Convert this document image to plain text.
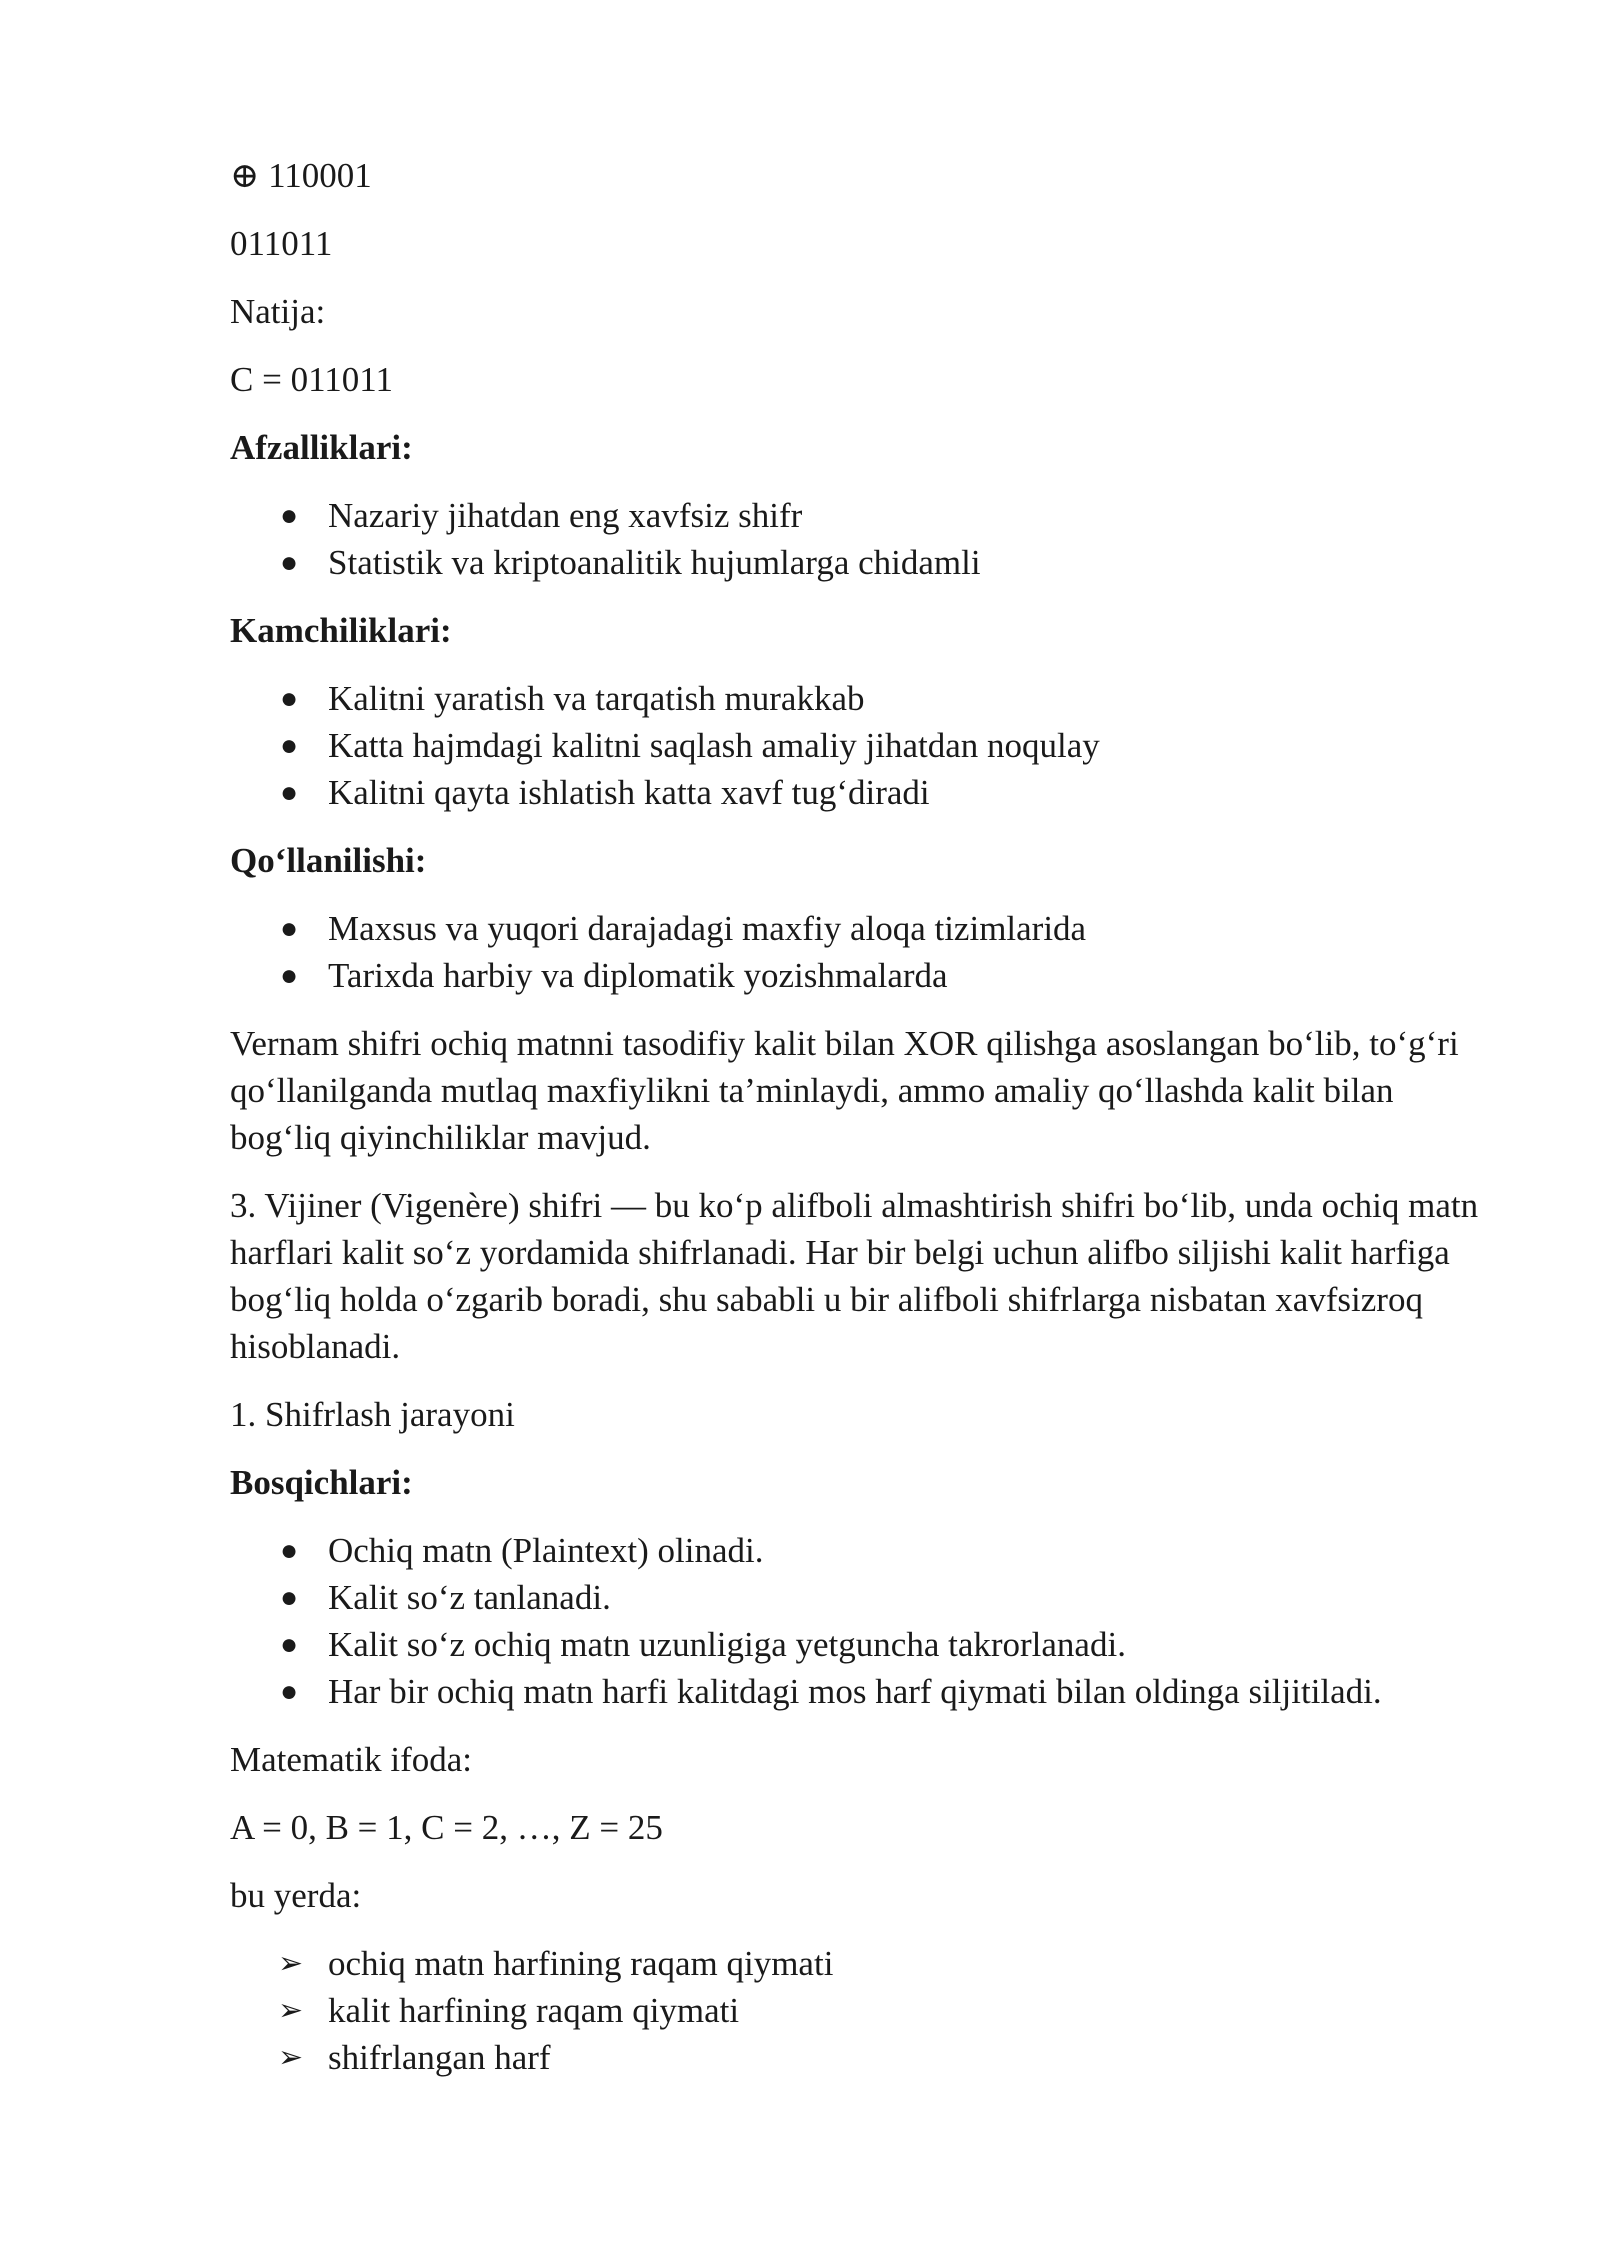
⊕ 110001

011011

Natija:

C = 011011

Afzalliklari:

● Nazariy jihatdan eng xavfsiz shifr
● Statistik va kriptoanalitik hujumlarga chidamli

Kamchiliklari:

● Kalitni yaratish va tarqatish murakkab
● Katta hajmdagi kalitni saqlash amaliy jihatdan noqulay
● Kalitni qayta ishlatish katta xavf tug‘diradi

Qo‘llanilishi:

● Maxsus va yuqori darajadagi maxfiy aloqa tizimlarida
● Tarixda harbiy va diplomatik yozishmalarda

Vernam shifri ochiq matnni tasodifiy kalit bilan XOR qilishga asoslangan bo‘lib, to‘g‘ri qo‘llanilganda mutlaq maxfiylikni ta’minlaydi, ammo amaliy qo‘llashda kalit bilan bog‘liq qiyinchiliklar mavjud.

3. Vijiner (Vigenère) shifri — bu ko‘p alifboli almashtirish shifri bo‘lib, unda ochiq matn harflari kalit so‘z yordamida shifrlanadi. Har bir belgi uchun alifbo siljishi kalit harfiga bog‘liq holda o‘zgarib boradi, shu sababli u bir alifboli shifrlarga nisbatan xavfsizroq hisoblanadi.

1. Shifrlash jarayoni

Bosqichlari:

● Ochiq matn (Plaintext) olinadi.
● Kalit so‘z tanlanadi.
● Kalit so‘z ochiq matn uzunligiga yetguncha takrorlanadi.
● Har bir ochiq matn harfi kalitdagi mos harf qiymati bilan oldinga siljitiladi.

Matematik ifoda:

A = 0, B = 1, C = 2, …, Z = 25

bu yerda:

➢ ochiq matn harfining raqam qiymati
➢ kalit harfining raqam qiymati
➢ shifrlangan harf
